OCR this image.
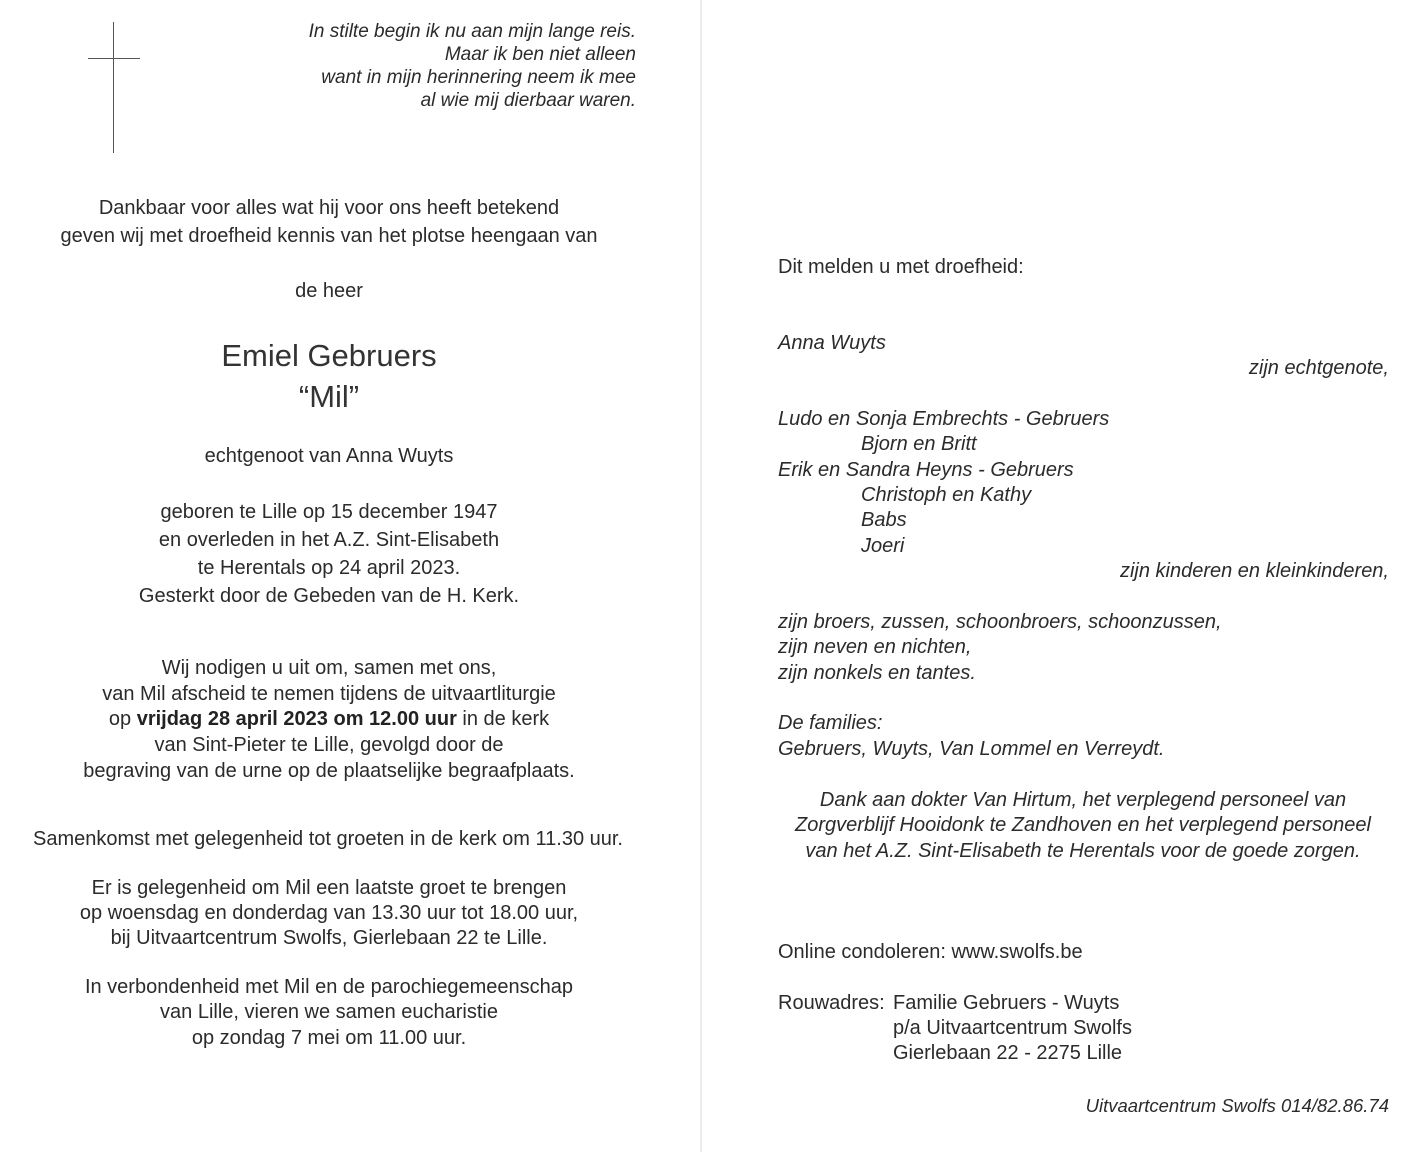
In stilte begin ik nu aan mijn lange reis.
Maar ik ben niet alleen
want in mijn herinnering neem ik mee
al wie mij dierbaar waren.
Dankbaar voor alles wat hij voor ons heeft betekend
geven wij met droefheid kennis van het plotse heengaan van
de heer
Emiel Gebruers
“Mil”
echtgenoot van Anna Wuyts
geboren te Lille op 15 december 1947
en overleden in het A.Z. Sint-Elisabeth
te Herentals op 24 april 2023.
Gesterkt door de Gebeden van de H. Kerk.
Wij nodigen u uit om, samen met ons,
van Mil afscheid te nemen tijdens de uitvaartliturgie
op vrijdag 28 april 2023 om 12.00 uur in de kerk
van Sint-Pieter te Lille, gevolgd door de
begraving van de urne op de plaatselijke begraafplaats.
Samenkomst met gelegenheid tot groeten in de kerk om 11.30 uur.
Er is gelegenheid om Mil een laatste groet te brengen
op woensdag en donderdag van 13.30 uur tot 18.00 uur,
bij Uitvaartcentrum Swolfs, Gierlebaan 22 te Lille.
In verbondenheid met Mil en de parochiegemeenschap
van Lille, vieren we samen eucharistie
op zondag 7 mei om 11.00 uur.
Dit melden u met droefheid:
Anna Wuyts
zijn echtgenote,
Ludo en Sonja Embrechts - Gebruers
Bjorn en Britt
Erik en Sandra Heyns - Gebruers
Christoph en Kathy
Babs
Joeri
zijn kinderen en kleinkinderen,
zijn broers, zussen, schoonbroers, schoonzussen,
zijn neven en nichten,
zijn nonkels en tantes.
De families:
Gebruers, Wuyts, Van Lommel en Verreydt.
Dank aan dokter Van Hirtum, het verplegend personeel van
Zorgverblijf Hooidonk te Zandhoven en het verplegend personeel
van het A.Z. Sint-Elisabeth te Herentals voor de goede zorgen.
Online condoleren: www.swolfs.be
Rouwadres: Familie Gebruers - Wuyts
p/a Uitvaartcentrum Swolfs
Gierlebaan 22 - 2275 Lille
Uitvaartcentrum Swolfs 014/82.86.74
